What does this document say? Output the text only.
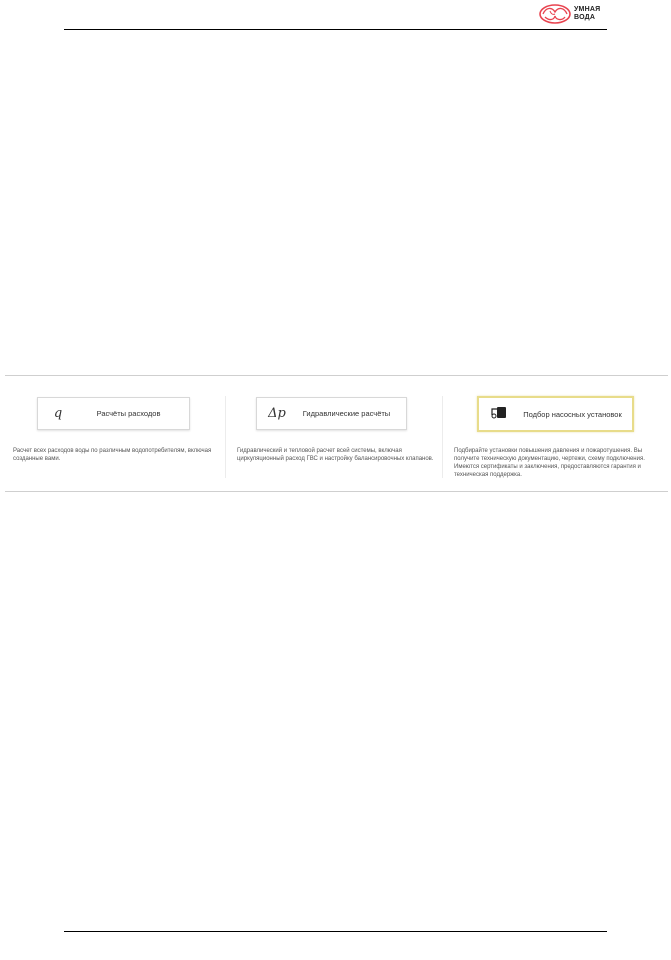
УМНАЯ
ВОДА
q	Расчёты расходов
Расчет всех расходов воды по различным водопотребителям, включая созданные вами.
Δp	Гидравлические расчёты
Гидравлический и тепловой расчет всей системы, включая циркуляционный расход ГВС и настройку балансировочных клапанов.
Подбор насосных установок
Подбирайте установки повышения давления и пожаротушения. Вы получите техническую документацию, чертежи, схему подключения. Имеются сертификаты и заключения, предоставляются гарантия и техническая поддержка.
